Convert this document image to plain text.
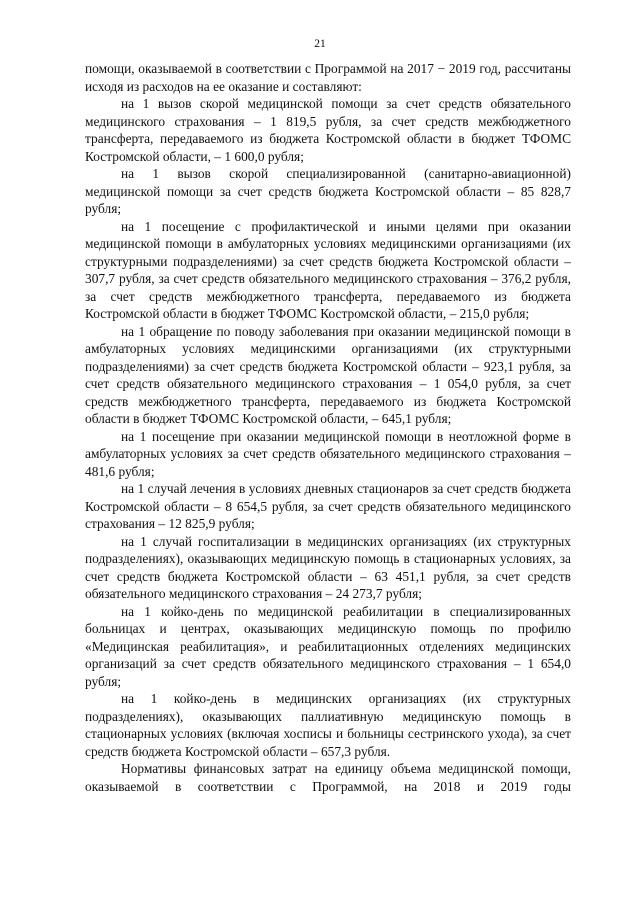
21

помощи, оказываемой в соответствии с Программой на 2017 − 2019 год, рассчитаны исходя из расходов на ее оказание и составляют:

на 1 вызов скорой медицинской помощи за счет средств обязательного медицинского страхования – 1 819,5 рубля, за счет средств межбюджетного трансферта, передаваемого из бюджета Костромской области в бюджет ТФОМС Костромской области, – 1 600,0 рубля;

на 1 вызов скорой специализированной (санитарно-авиационной) медицинской помощи за счет средств бюджета Костромской области – 85 828,7 рубля;

на 1 посещение с профилактической и иными целями при оказании медицинской помощи в амбулаторных условиях медицинскими организациями (их структурными подразделениями) за счет средств бюджета Костромской области – 307,7 рубля, за счет средств обязательного медицинского страхования – 376,2 рубля, за счет средств межбюджетного трансферта, передаваемого из бюджета Костромской области в бюджет ТФОМС Костромской области, – 215,0 рубля;

на 1 обращение по поводу заболевания при оказании медицинской помощи в амбулаторных условиях медицинскими организациями (их структурными подразделениями) за счет средств бюджета Костромской области – 923,1 рубля, за счет средств обязательного медицинского страхования – 1 054,0 рубля, за счет средств межбюджетного трансферта, передаваемого из бюджета Костромской области в бюджет ТФОМС Костромской области, – 645,1 рубля;

на 1 посещение при оказании медицинской помощи в неотложной форме в амбулаторных условиях за счет средств обязательного медицинского страхования – 481,6 рубля;

на 1 случай лечения в условиях дневных стационаров за счет средств бюджета Костромской области – 8 654,5 рубля, за счет средств обязательного медицинского страхования – 12 825,9 рубля;

на 1 случай госпитализации в медицинских организациях (их структурных подразделениях), оказывающих медицинскую помощь в стационарных условиях, за счет средств бюджета Костромской области – 63 451,1 рубля, за счет средств обязательного медицинского страхования – 24 273,7 рубля;

на 1 койко-день по медицинской реабилитации в специализированных больницах и центрах, оказывающих медицинскую помощь по профилю «Медицинская реабилитация», и реабилитационных отделениях медицинских организаций за счет средств обязательного медицинского страхования – 1 654,0 рубля;

на 1 койко-день в медицинских организациях (их структурных подразделениях), оказывающих паллиативную медицинскую помощь в стационарных условиях (включая хосписы и больницы сестринского ухода), за счет средств бюджета Костромской области – 657,3 рубля.

Нормативы финансовых затрат на единицу объема медицинской помощи, оказываемой в соответствии с Программой, на 2018 и 2019 годы
